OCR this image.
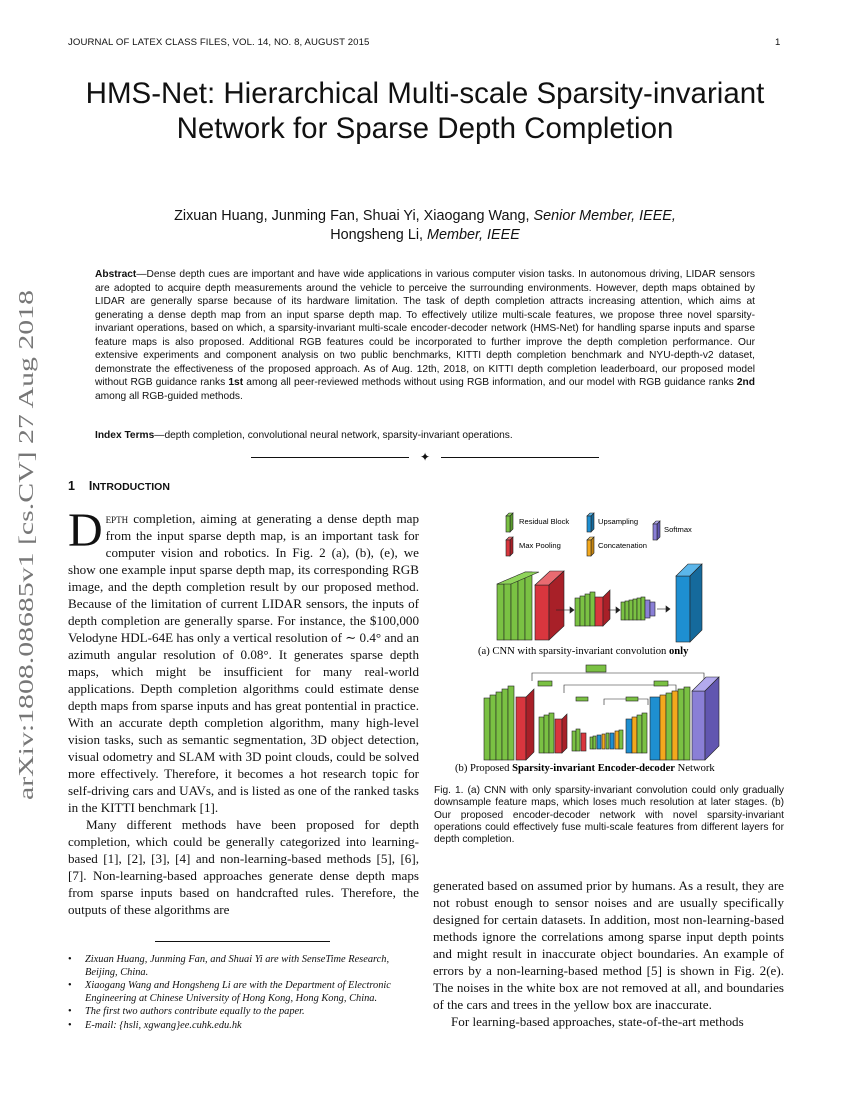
JOURNAL OF LATEX CLASS FILES, VOL. 14, NO. 8, AUGUST 2015	1
HMS-Net: Hierarchical Multi-scale Sparsity-invariant Network for Sparse Depth Completion
Zixuan Huang, Junming Fan, Shuai Yi, Xiaogang Wang, Senior Member, IEEE,
Hongsheng Li, Member, IEEE
Abstract—Dense depth cues are important and have wide applications in various computer vision tasks. In autonomous driving, LIDAR sensors are adopted to acquire depth measurements around the vehicle to perceive the surrounding environments. However, depth maps obtained by LIDAR are generally sparse because of its hardware limitation. The task of depth completion attracts increasing attention, which aims at generating a dense depth map from an input sparse depth map. To effectively utilize multi-scale features, we propose three novel sparsity-invariant operations, based on which, a sparsity-invariant multi-scale encoder-decoder network (HMS-Net) for handling sparse inputs and sparse feature maps is also proposed. Additional RGB features could be incorporated to further improve the depth completion performance. Our extensive experiments and component analysis on two public benchmarks, KITTI depth completion benchmark and NYU-depth-v2 dataset, demonstrate the effectiveness of the proposed approach. As of Aug. 12th, 2018, on KITTI depth completion leaderboard, our proposed model without RGB guidance ranks 1st among all peer-reviewed methods without using RGB information, and our model with RGB guidance ranks 2nd among all RGB-guided methods.
Index Terms—depth completion, convolutional neural network, sparsity-invariant operations.
✦
arXiv:1808.08685v1 [cs.CV] 27 Aug 2018 1 INTRODUCTION

Depth completion, aiming at generating a dense depth map from the input sparse depth map, is an important task for computer vision and robotics. In Fig. 2 (a), (b), (e), we show one example input sparse depth map, its corresponding RGB image, and the depth completion result by our proposed method. Because of the limitation of current LIDAR sensors, the inputs of depth completion are generally sparse. For instance, the $100,000 Velodyne HDL-64E has only a vertical resolution of ∼ 0.4° and an azimuth angular resolution of 0.08°. It generates sparse depth maps, which might be insufficient for many real-world applications. Depth completion algorithms could estimate dense depth maps from sparse inputs and has great pontential in practice. With an accurate depth completion algorithm, many high-level vision tasks, such as semantic segmentation, 3D object detection, visual odometry and SLAM with 3D point clouds, could be solved more effectively. Therefore, it becomes a hot research topic for self-driving cars and UAVs, and is listed as one of the ranked tasks in the KITTI benchmark [1].

Many different methods have been proposed for depth completion, which could be generally categorized into learning-based [1], [2], [3], [4] and non-learning-based methods [5], [6], [7]. Non-learning-based approaches generate dense depth maps from sparse inputs based on handcrafted rules. Therefore, the outputs of these algorithms are

• Zixuan Huang, Junming Fan, and Shuai Yi are with SenseTime Research, Beijing, China.
• Xiaogang Wang and Hongsheng Li are with the Department of Electronic Engineering at Chinese University of Hong Kong, Hong Kong, China.
• The first two authors contribute equally to the paper.
• E-mail: {hsli, xgwang}ee.cuhk.edu.hk
Residual Block
Max Pooling
Upsampling
Concatenation
Softmax
(a) CNN with sparsity-invariant convolution only
(b) Proposed Sparsity-invariant Encoder-decoder Network
Fig. 1. (a) CNN with only sparsity-invariant convolution could only gradually downsample feature maps, which loses much resolution at later stages. (b) Our proposed encoder-decoder network with novel sparsity-invariant operations could effectively fuse multi-scale features from different layers for depth completion.

generated based on assumed prior by humans. As a result, they are not robust enough to sensor noises and are usually specifically designed for certain datasets. In addition, most non-learning-based methods ignore the correlations among sparse input depth points and might result in inaccurate object boundaries. An example of errors by a non-learning-based method [5] is shown in Fig. 2(e). The noises in the white box are not removed at all, and boundaries of the cars and trees in the yellow box are inaccurate.

For learning-based approaches, state-of-the-art methods
